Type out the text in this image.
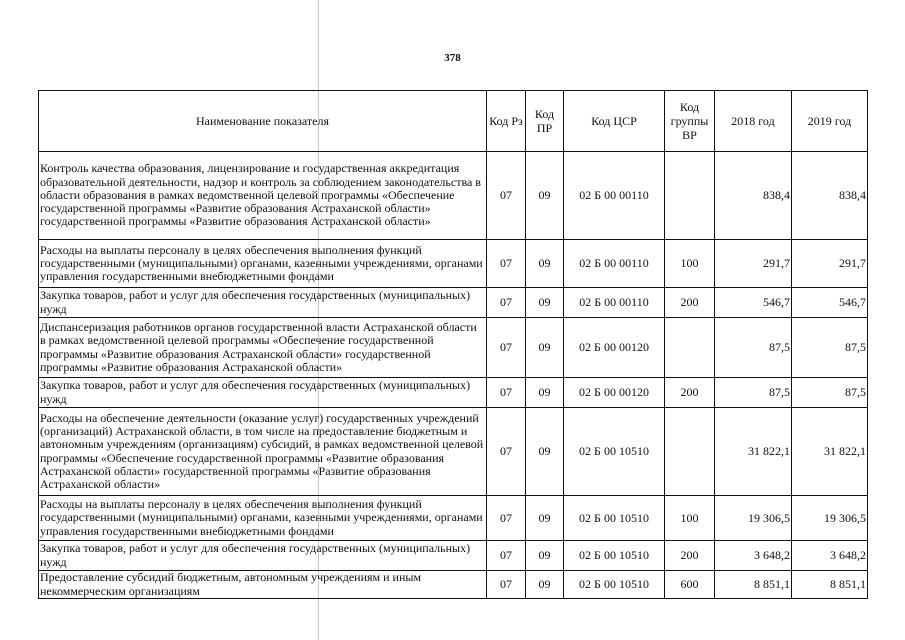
378
Наименование показателя	Код Рз	Код ПР	Код ЦСР	Код группы ВР	2018 год	2019 год
Контроль качества образования, лицензирование и государственная аккредитация образовательной деятельности, надзор и контроль за соблюдением законодательства в области образования в рамках ведомственной целевой программы «Обеспечение государственной программы «Развитие образования Астраханской области» государственной программы «Развитие образования Астраханской области»	07	09	02 Б 00 00110		838,4	838,4
Расходы на выплаты персоналу в целях обеспечения выполнения функций государственными (муниципальными) органами, казенными учреждениями, органами управления государственными внебюджетными фондами	07	09	02 Б 00 00110	100	291,7	291,7
Закупка товаров, работ и услуг для обеспечения государственных (муниципальных) нужд	07	09	02 Б 00 00110	200	546,7	546,7
Диспансеризация работников органов государственной власти Астраханской области в рамках ведомственной целевой программы «Обеспечение государственной программы «Развитие образования Астраханской области» государственной программы «Развитие образования Астраханской области»	07	09	02 Б 00 00120		87,5	87,5
Закупка товаров, работ и услуг для обеспечения государственных (муниципальных) нужд	07	09	02 Б 00 00120	200	87,5	87,5
Расходы на обеспечение деятельности (оказание услуг) государственных учреждений (организаций) Астраханской области, в том числе на предоставление бюджетным и автономным учреждениям (организациям) субсидий, в рамках ведомственной целевой программы «Обеспечение государственной программы «Развитие образования Астраханской области» государственной программы «Развитие образования Астраханской области»	07	09	02 Б 00 10510		31 822,1	31 822,1
Расходы на выплаты персоналу в целях обеспечения выполнения функций государственными (муниципальными) органами, казенными учреждениями, органами управления государственными внебюджетными фондами	07	09	02 Б 00 10510	100	19 306,5	19 306,5
Закупка товаров, работ и услуг для обеспечения государственных (муниципальных) нужд	07	09	02 Б 00 10510	200	3 648,2	3 648,2
Предоставление субсидий бюджетным, автономным учреждениям и иным некоммерческим организациям	07	09	02 Б 00 10510	600	8 851,1	8 851,1
